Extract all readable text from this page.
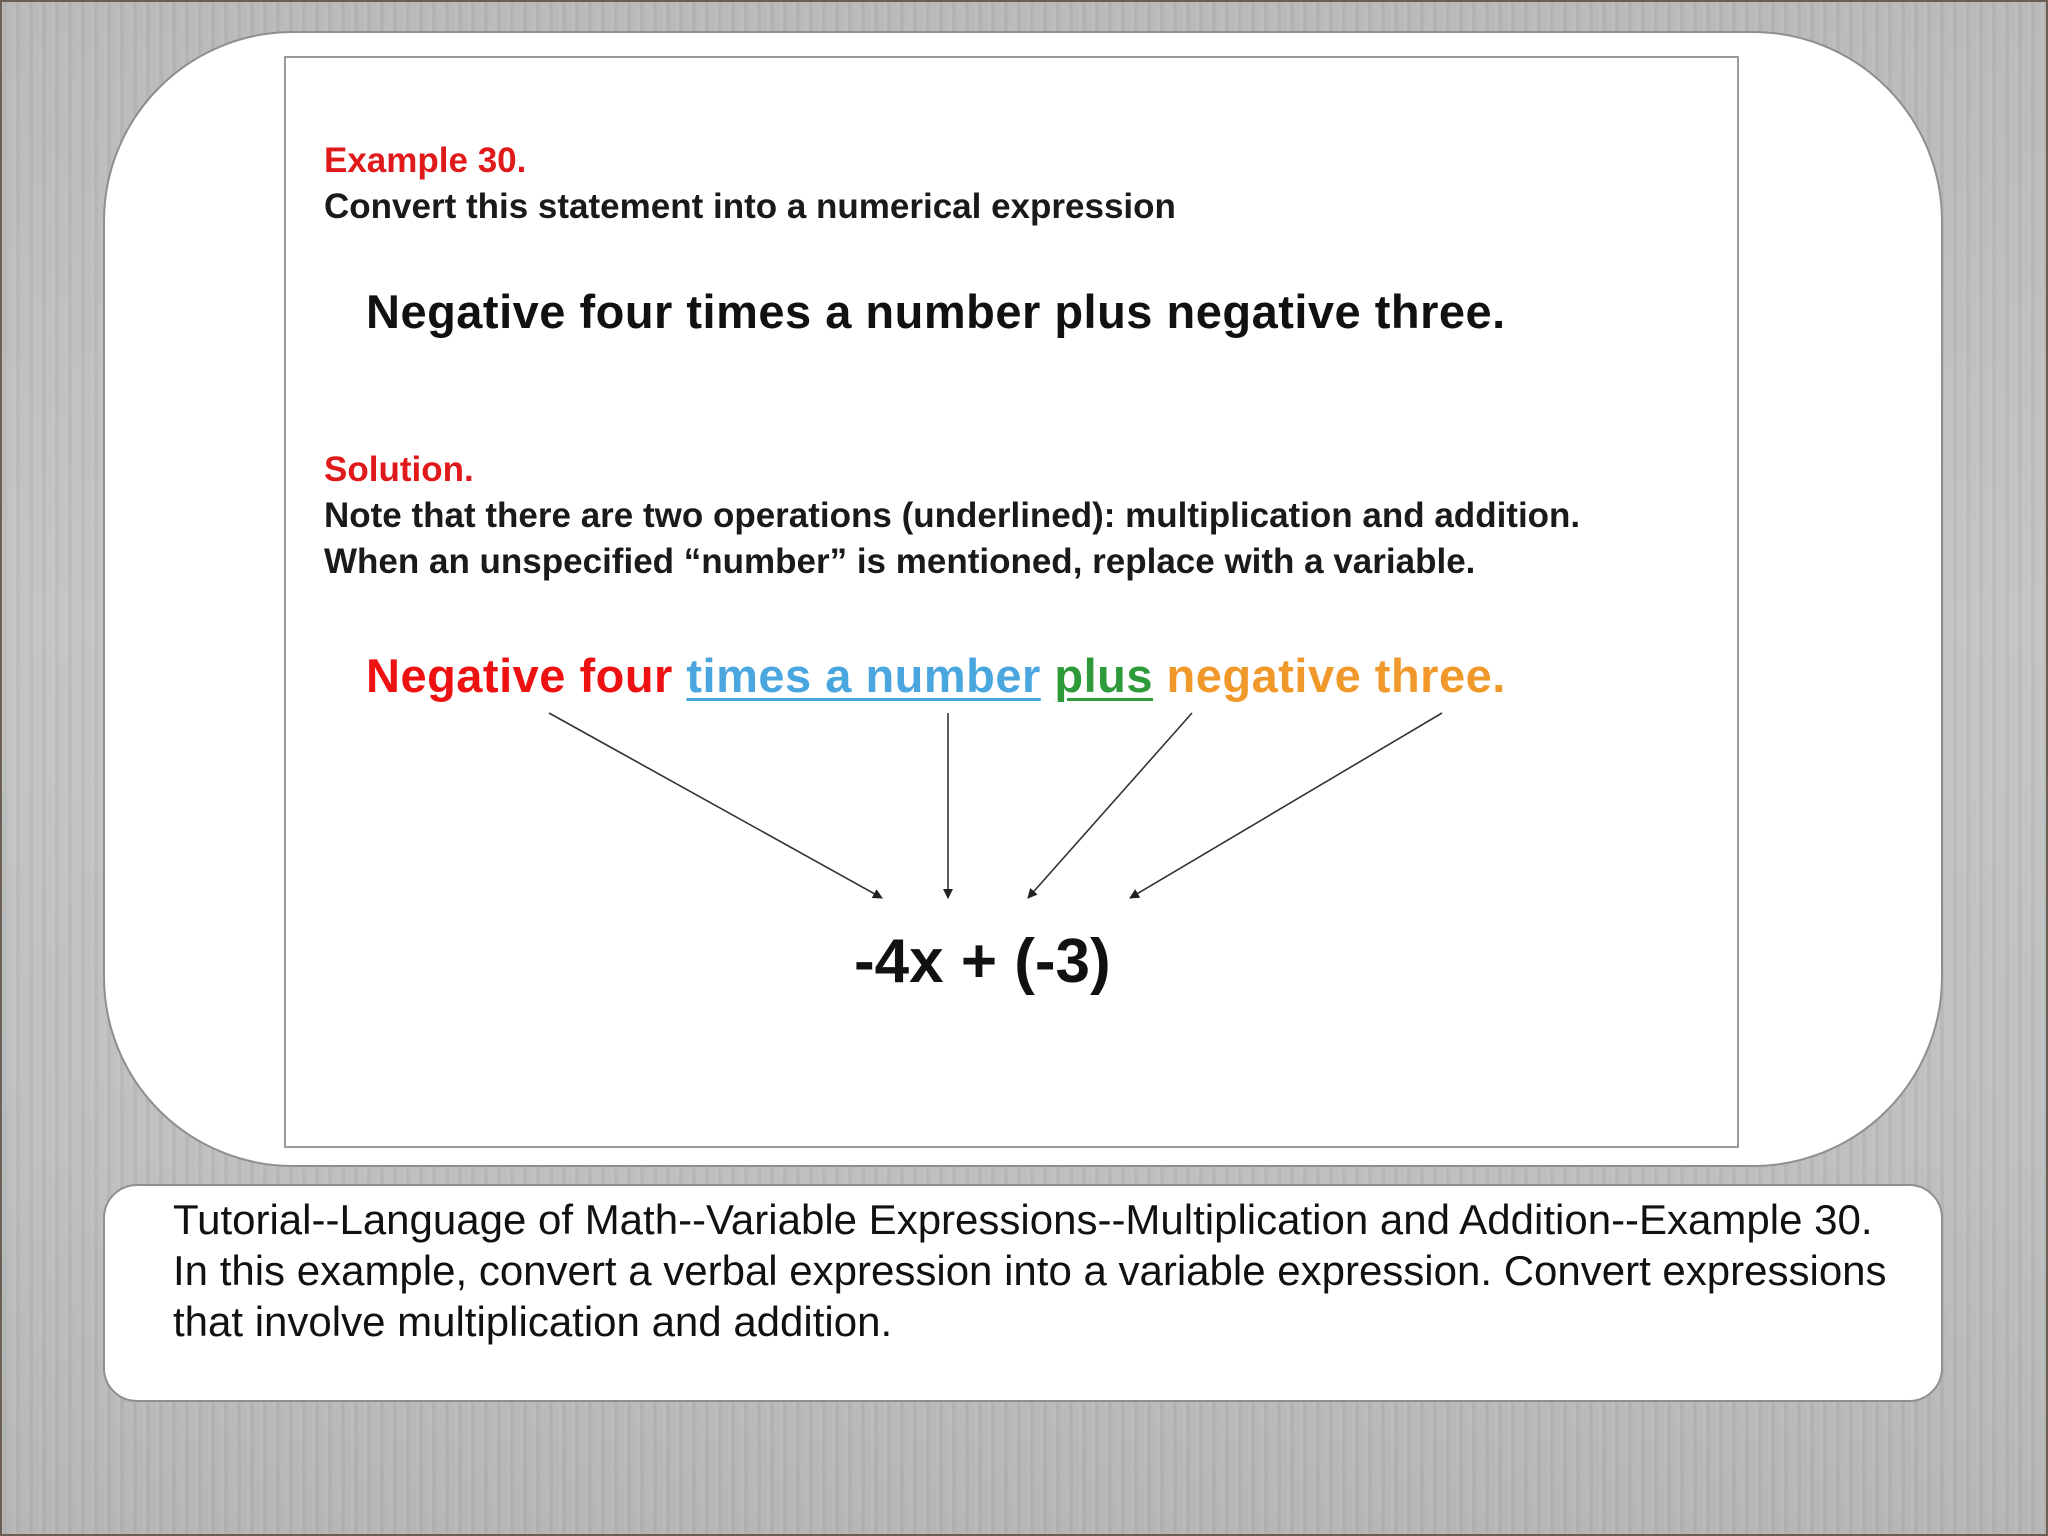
Example 30.
Convert this statement into a numerical expression
Negative four times a number plus negative three.
Solution.
Note that there are two operations (underlined): multiplication and addition. When an unspecified “number” is mentioned, replace with a variable.
Negative four times a number plus negative three.
-4x + (-3)
Tutorial--Language of Math--Variable Expressions--Multiplication and Addition--Example 30. In this example, convert a verbal expression into a variable expression. Convert expressions that involve multiplication and addition.
